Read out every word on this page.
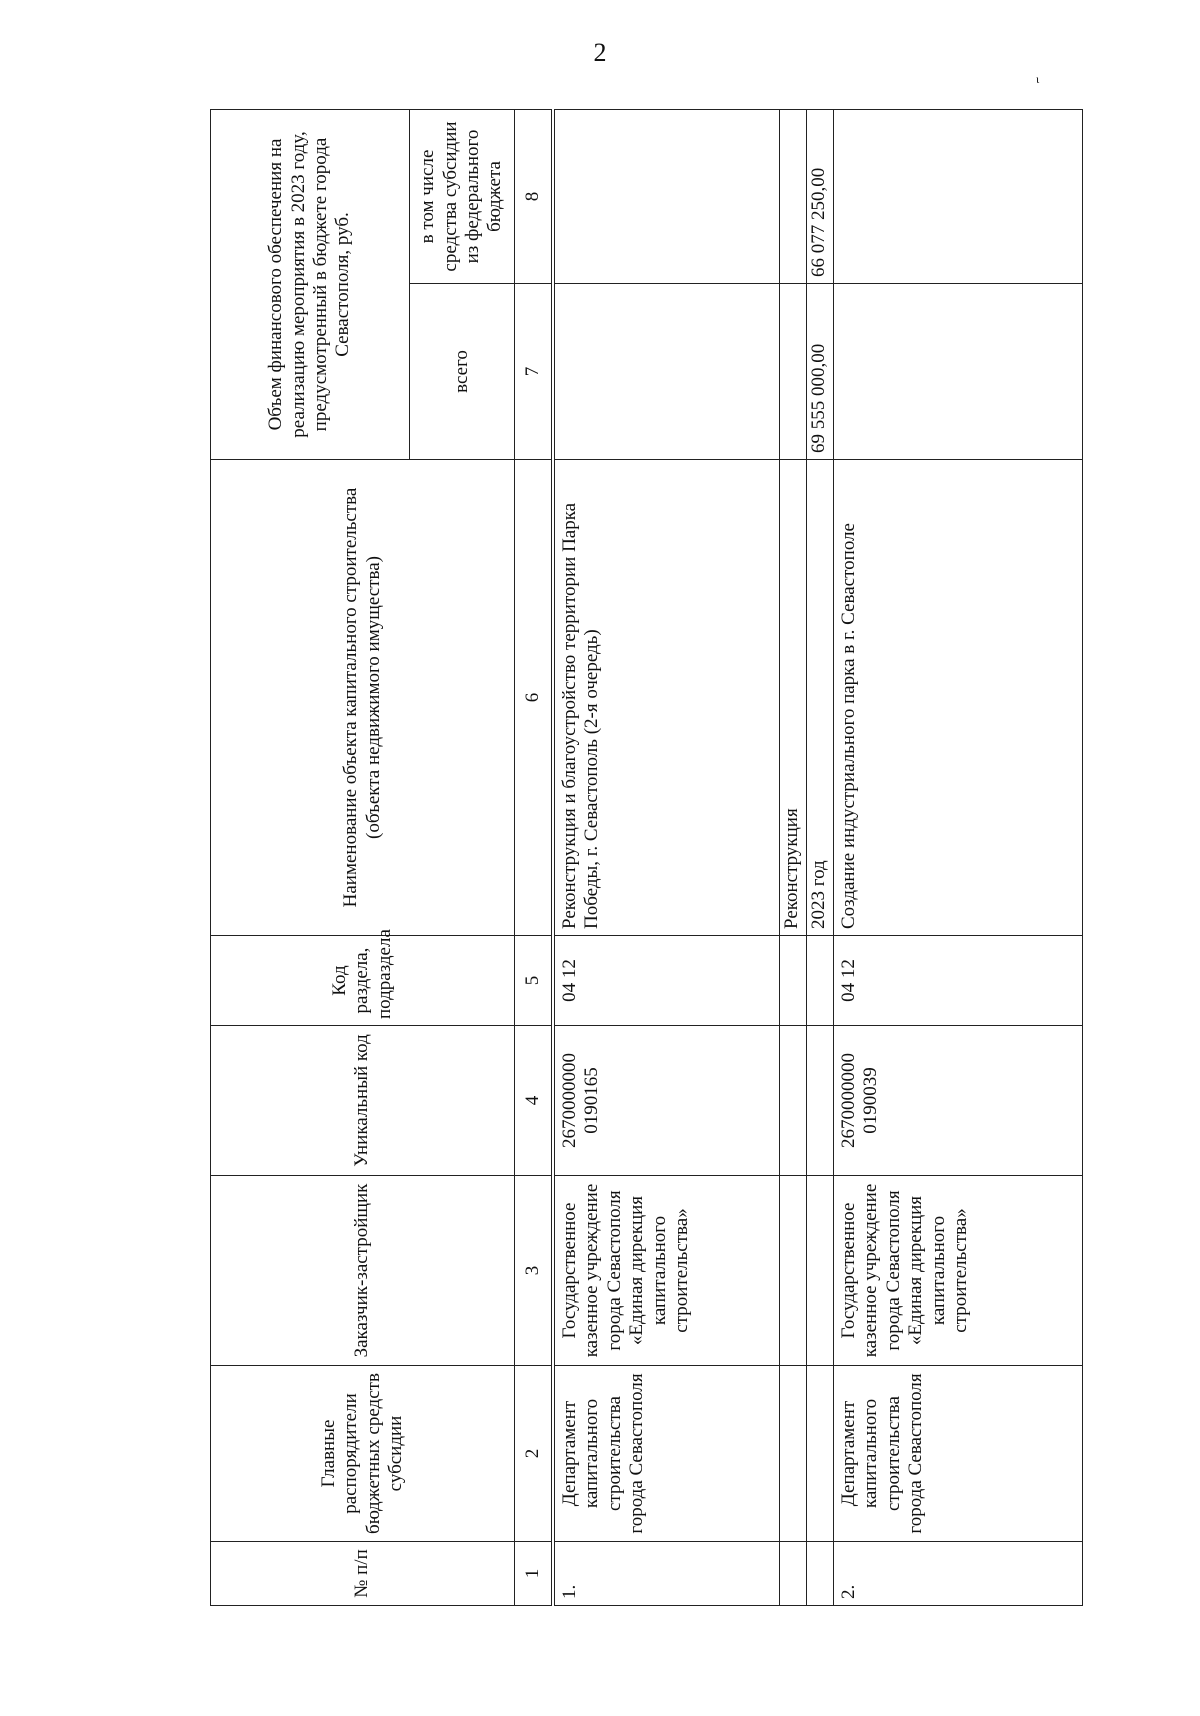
2
ι
№ п/п	Главные распорядители бюджетных средств субсидии	Заказчик-застройщик	Уникальный код	Код раздела, подраздела	Наименование объекта капитального строительства (объекта недвижимого имущества)	Объем финансового обеспечения на реализацию мероприятия в 2023 году, предусмотренный в бюджете города Севастополя, руб.	
						всего	в том числе средства субсидии из федерального бюджета
1	2	3	4	5	6	7	8

1.	Департамент капитального строительства города Севастополя	Государственное казенное учреждение города Севастополя «Единая дирекция капитального строительства»	2670000000 0190165	04 12	Реконструкция и благоустройство территории Парка Победы, г. Севастополь (2-я очередь)		
					Реконструкция		
					2023 год	69 555 000,00	66 077 250,00
2.	Департамент капитального строительства города Севастополя	Государственное казенное учреждение города Севастополя «Единая дирекция капитального строительства»	2670000000 0190039	04 12	Создание индустриального парка в г. Севастополе		
